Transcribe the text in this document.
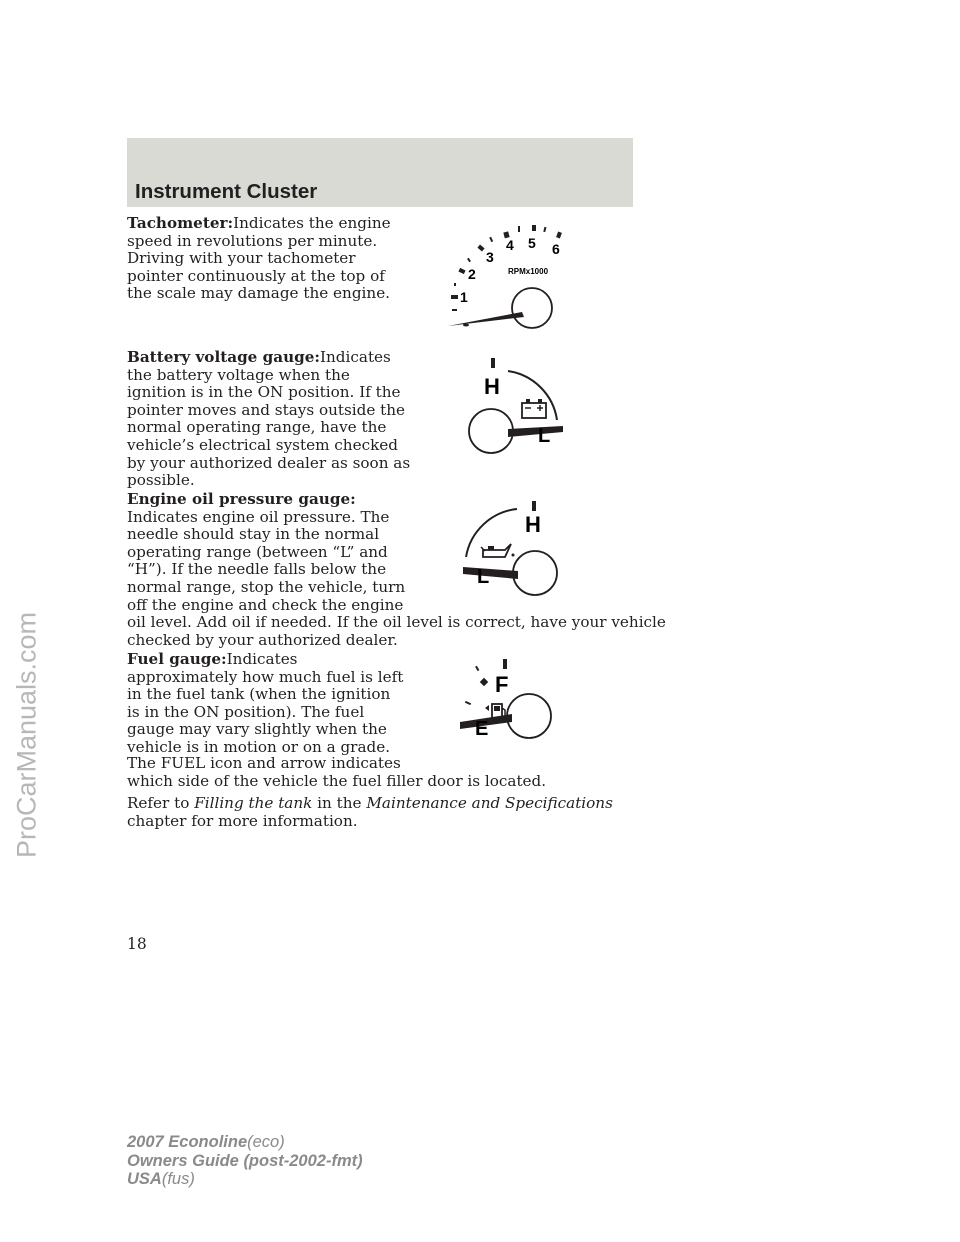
Instrument Cluster
ProCarManuals.com
Tachometer:Indicates the engine
speed in revolutions per minute.
Driving with your tachometer
pointer continuously at the top of
the scale may damage the engine.	1
2
3
4 5 6
RPMx1000
Battery voltage gauge:Indicates
the battery voltage when the
ignition is in the ON position. If the
pointer moves and stays outside the
normal operating range, have the
vehicle’s electrical system checked
by your authorized dealer as soon as
possible.
H
L
Engine oil pressure gauge:
Indicates engine oil pressure. The
needle should stay in the normal
operating range (between “L” and
“H”). If the needle falls below the
normal range, stop the vehicle, turn
off the engine and check the engine
oil level. Add oil if needed. If the oil level is correct, have your vehicle
checked by your authorized dealer.
H
L
Fuel gauge:Indicates
approximately how much fuel is left
in the fuel tank (when the ignition
is in the ON position). The fuel
gauge may vary slightly when the
vehicle is in motion or on a grade.
F
E
The FUEL icon and arrow indicates
which side of the vehicle the fuel filler door is located.
Refer to Filling the tank in the Maintenance and Specifications
chapter for more information.
18
2007 Econoline(eco)
Owners Guide (post-2002-fmt)
USA(fus)
